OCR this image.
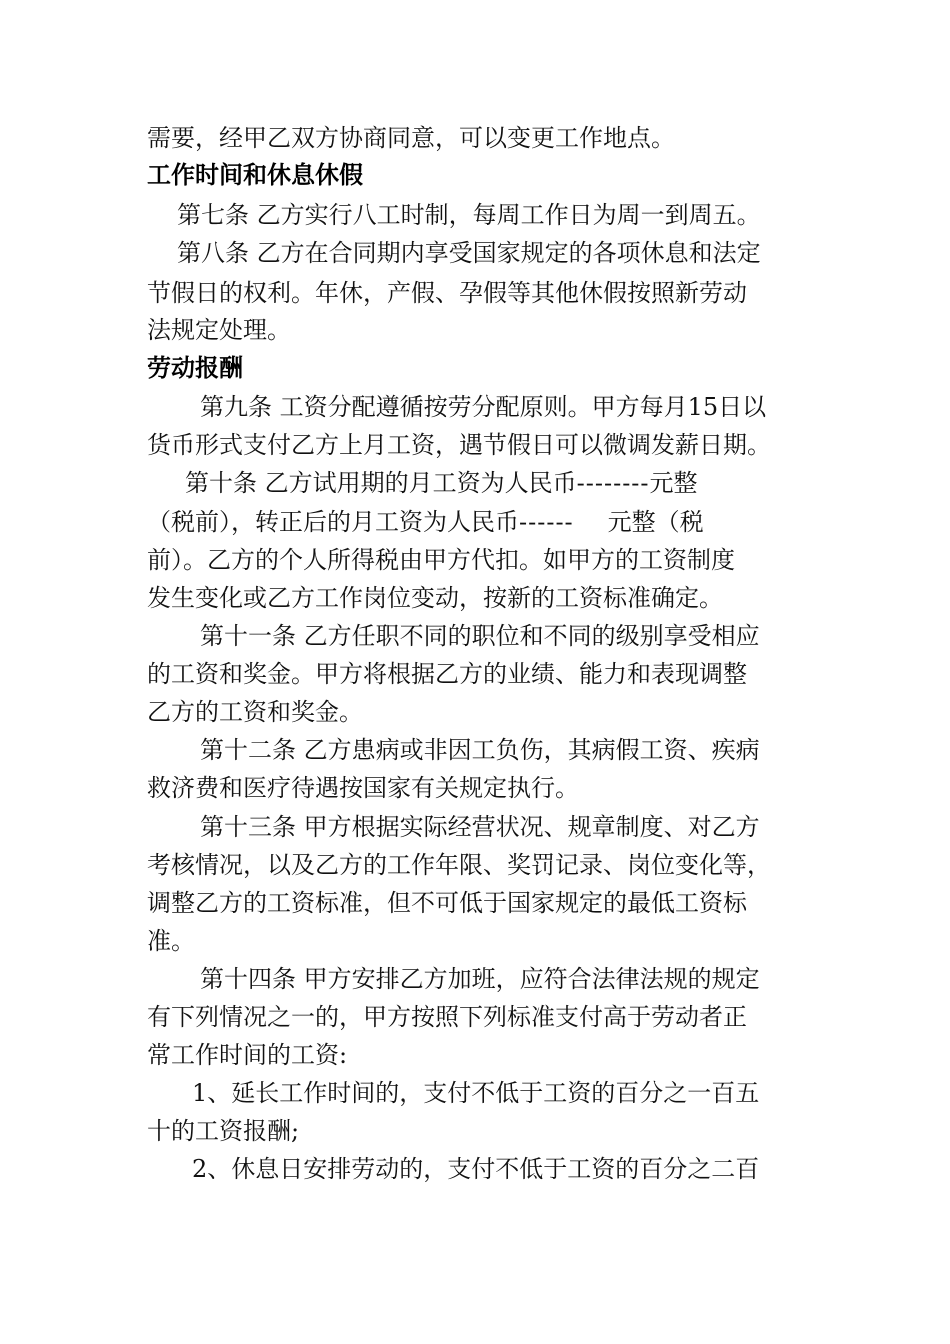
需要，经甲乙双方协商同意，可以变更工作地点。
工作时间和休息休假
第七条 乙方实行八工时制，每周工作日为周一到周五。
第八条 乙方在合同期内享受国家规定的各项休息和法定
节假日的权利。年休，产假、孕假等其他休假按照新劳动
法规定处理。
劳动报酬
第九条 工资分配遵循按劳分配原则。甲方每月15日以
货币形式支付乙方上月工资，遇节假日可以微调发薪日期。
第十条 乙方试用期的月工资为人民币--------元整
（税前），转正后的月工资为人民币------ 元整（税
前）。乙方的个人所得税由甲方代扣。如甲方的工资制度
发生变化或乙方工作岗位变动，按新的工资标准确定。
第十一条 乙方任职不同的职位和不同的级别享受相应
的工资和奖金。甲方将根据乙方的业绩、能力和表现调整
乙方的工资和奖金。
第十二条 乙方患病或非因工负伤，其病假工资、疾病
救济费和医疗待遇按国家有关规定执行。
第十三条 甲方根据实际经营状况、规章制度、对乙方
考核情况，以及乙方的工作年限、奖罚记录、岗位变化等，
调整乙方的工资标准，但不可低于国家规定的最低工资标
准。
第十四条 甲方安排乙方加班，应符合法律法规的规定
有下列情况之一的，甲方按照下列标准支付高于劳动者正
常工作时间的工资:
1、延长工作时间的，支付不低于工资的百分之一百五
十的工资报酬;
2、休息日安排劳动的，支付不低于工资的百分之二百
